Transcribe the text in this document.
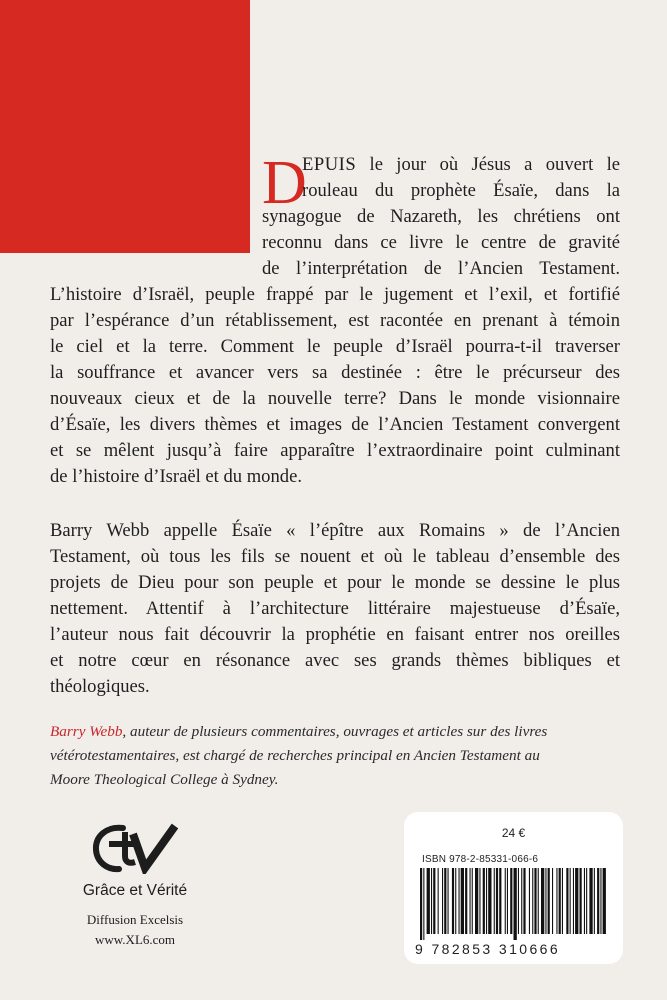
D
EPUIS le jour où Jésus a ouvert le
rouleau du prophète Ésaïe, dans la
synagogue de Nazareth, les chrétiens ont
reconnu dans ce livre le centre de gravité
de l’interprétation de l’Ancien Testament.
L’histoire d’Israël, peuple frappé par le jugement et l’exil, et fortifié
par l’espérance d’un rétablissement, est racontée en prenant à témoin
le ciel et la terre. Comment le peuple d’Israël pourra-t-il traverser
la souffrance et avancer vers sa destinée : être le précurseur des
nouveaux cieux et de la nouvelle terre? Dans le monde visionnaire
d’Ésaïe, les divers thèmes et images de l’Ancien Testament convergent
et se mêlent jusqu’à faire apparaître l’extraordinaire point culminant
de l’histoire d’Israël et du monde.
Barry Webb appelle Ésaïe « l’épître aux Romains » de l’Ancien
Testament, où tous les fils se nouent et où le tableau d’ensemble des
projets de Dieu pour son peuple et pour le monde se dessine le plus
nettement. Attentif à l’architecture littéraire majestueuse d’Ésaïe,
l’auteur nous fait découvrir la prophétie en faisant entrer nos oreilles
et notre cœur en résonance avec ses grands thèmes bibliques et
théologiques.
Barry Webb, auteur de plusieurs commentaires, ouvrages et articles sur des livres
vétérotestamentaires, est chargé de recherches principal en Ancien Testament au
Moore Theological College à Sydney.
Grâce et Vérité
Diffusion Excelsis
www.XL6.com
24 €
ISBN 978-2-85331-066-6
9 782853 310666
